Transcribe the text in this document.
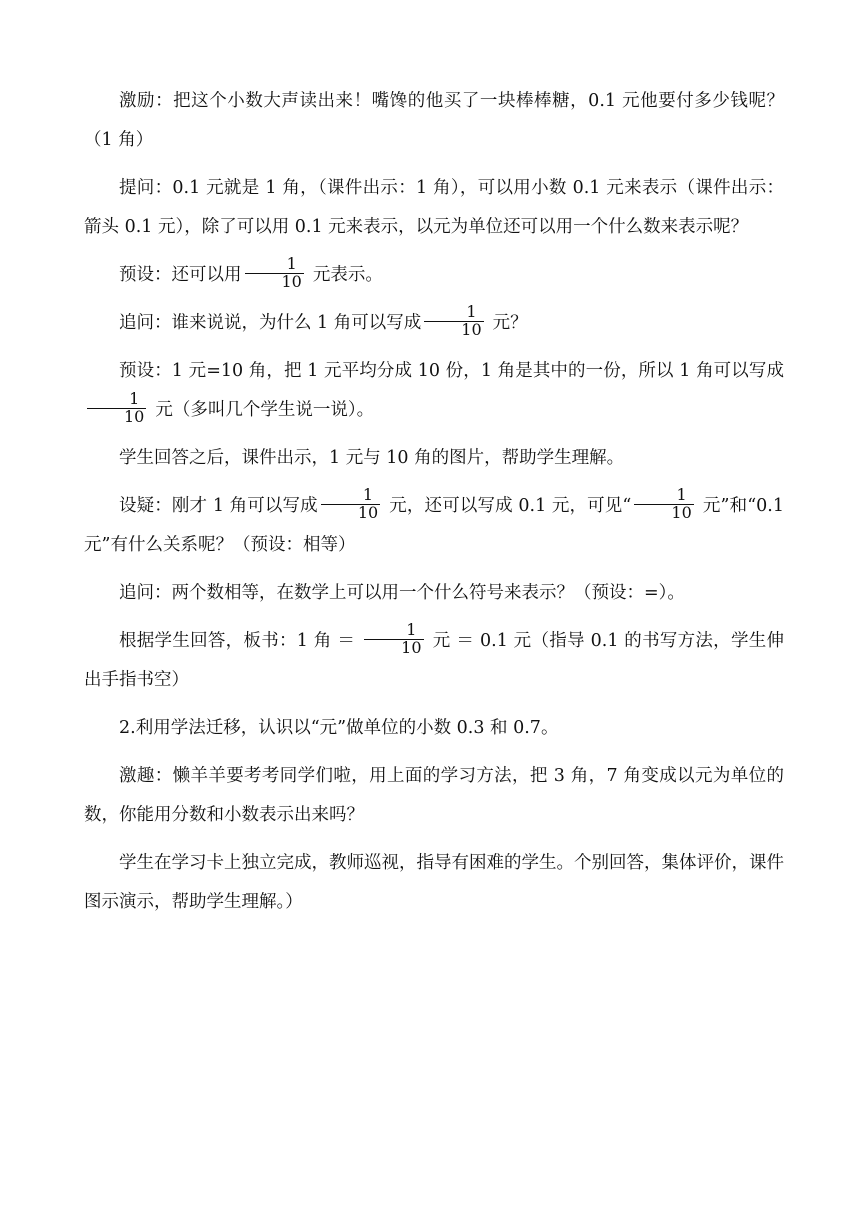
激励：把这个小数大声读出来！嘴馋的他买了一块棒棒糖，0.1 元他要付多少钱呢？（1 角）

提问：0.1 元就是 1 角，（课件出示：1 角），可以用小数 0.1 元来表示（课件出示：箭头 0.1 元），除了可以用 0.1 元来表示，以元为单位还可以用一个什么数来表示呢？

预设：还可以用 $\frac{1}{10}$ 元表示。

追问：谁来说说，为什么 1 角可以写成 $\frac{1}{10}$ 元？

预设：1 元=10 角，把 1 元平均分成 10 份，1 角是其中的一份，所以 1 角可以写成
$\frac{1}{10}$ 元（多叫几个学生说一说）。

学生回答之后，课件出示，1 元与 10 角的图片，帮助学生理解。

设疑：刚才 1 角可以写成 $\frac{1}{10}$ 元，还可以写成 0.1 元，可见“ $\frac{1}{10}$ 元”和“0.1 元”有什么关系呢？（预设：相等）

追问：两个数相等，在数学上可以用一个什么符号来表示？（预设：=）。

根据学生回答，板书：1 角 ＝ $\frac{1}{10}$ 元 ＝ 0.1 元（指导 0.1 的书写方法，学生伸出手指书空）

2.利用学法迁移，认识以“元”做单位的小数 0.3 和 0.7。

激趣：懒羊羊要考考同学们啦，用上面的学习方法，把 3 角，7 角变成以元为单位的数，你能用分数和小数表示出来吗？

学生在学习卡上独立完成，教师巡视，指导有困难的学生。个别回答，集体评价，课件图示演示，帮助学生理解。）
